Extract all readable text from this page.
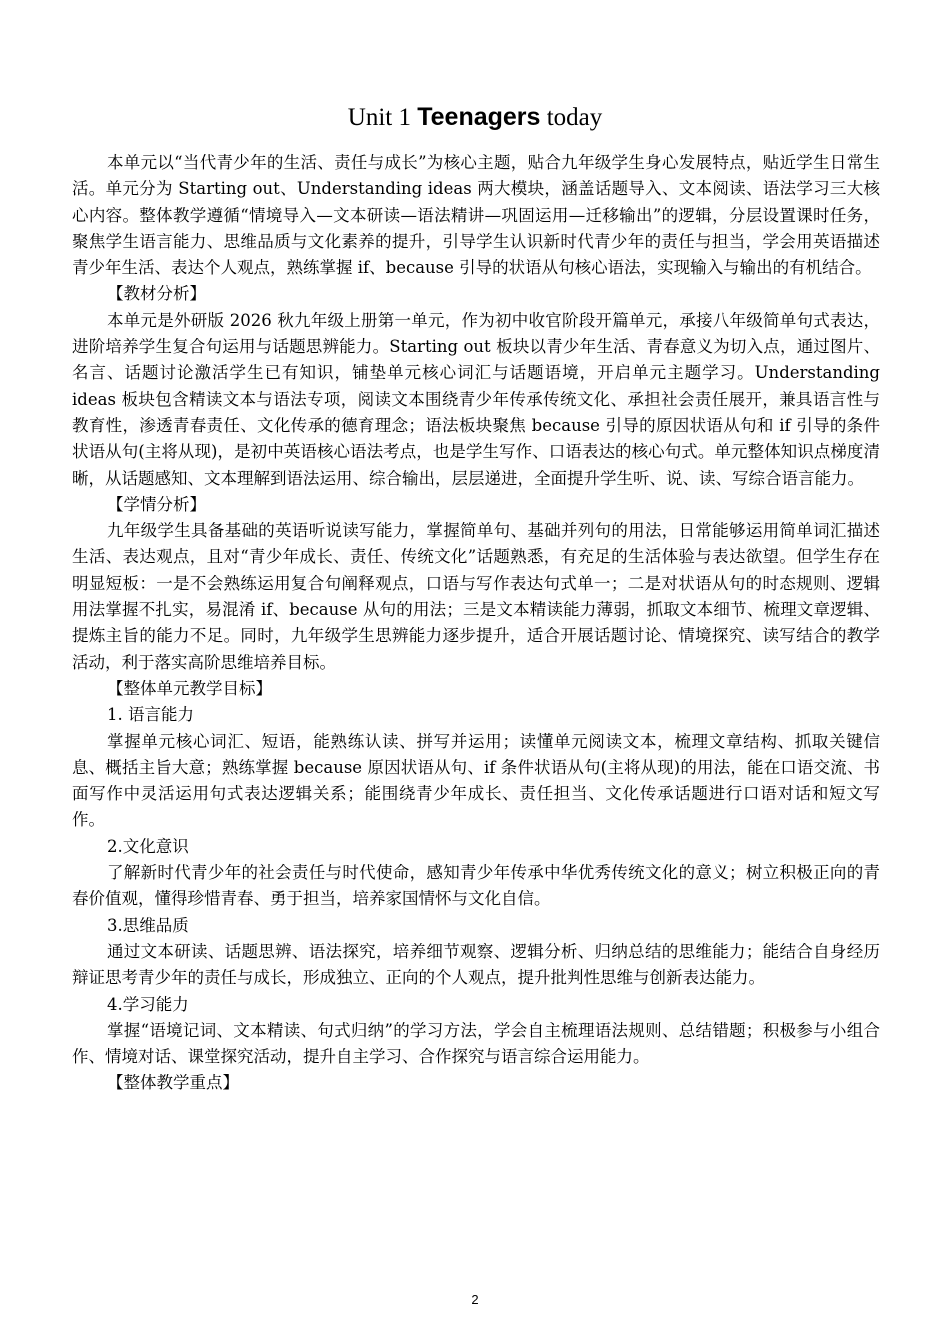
Unit 1 Teenagers today

本单元以“当代青少年的生活、责任与成长”为核心主题，贴合九年级学生身心发展特点，贴近学生日常生活。单元分为 Starting out、Understanding ideas 两大模块，涵盖话题导入、文本阅读、语法学习三大核心内容。整体教学遵循“情境导入—文本研读—语法精讲—巩固运用—迁移输出”的逻辑，分层设置课时任务，聚焦学生语言能力、思维品质与文化素养的提升，引导学生认识新时代青少年的责任与担当，学会用英语描述青少年生活、表达个人观点，熟练掌握 if、because 引导的状语从句核心语法，实现输入与输出的有机结合。

【教材分析】

本单元是外研版 2026 秋九年级上册第一单元，作为初中收官阶段开篇单元，承接八年级简单句式表达，进阶培养学生复合句运用与话题思辨能力。Starting out 板块以青少年生活、青春意义为切入点，通过图片、名言、话题讨论激活学生已有知识，铺垫单元核心词汇与话题语境，开启单元主题学习。Understanding ideas 板块包含精读文本与语法专项，阅读文本围绕青少年传承传统文化、承担社会责任展开，兼具语言性与教育性，渗透青春责任、文化传承的德育理念；语法板块聚焦 because 引导的原因状语从句和 if 引导的条件状语从句(主将从现)，是初中英语核心语法考点，也是学生写作、口语表达的核心句式。单元整体知识点梯度清晰，从话题感知、文本理解到语法运用、综合输出，层层递进，全面提升学生听、说、读、写综合语言能力。

【学情分析】

九年级学生具备基础的英语听说读写能力，掌握简单句、基础并列句的用法，日常能够运用简单词汇描述生活、表达观点，且对“青少年成长、责任、传统文化”话题熟悉，有充足的生活体验与表达欲望。但学生存在明显短板：一是不会熟练运用复合句阐释观点，口语与写作表达句式单一；二是对状语从句的时态规则、逻辑用法掌握不扎实，易混淆 if、because 从句的用法；三是文本精读能力薄弱，抓取文本细节、梳理文章逻辑、提炼主旨的能力不足。同时，九年级学生思辨能力逐步提升，适合开展话题讨论、情境探究、读写结合的教学活动，利于落实高阶思维培养目标。

【整体单元教学目标】

1. 语言能力

掌握单元核心词汇、短语，能熟练认读、拼写并运用；读懂单元阅读文本，梳理文章结构、抓取关键信息、概括主旨大意；熟练掌握 because 原因状语从句、if 条件状语从句(主将从现)的用法，能在口语交流、书面写作中灵活运用句式表达逻辑关系；能围绕青少年成长、责任担当、文化传承话题进行口语对话和短文写作。

2.文化意识

了解新时代青少年的社会责任与时代使命，感知青少年传承中华优秀传统文化的意义；树立积极正向的青春价值观，懂得珍惜青春、勇于担当，培养家国情怀与文化自信。

3.思维品质

通过文本研读、话题思辨、语法探究，培养细节观察、逻辑分析、归纳总结的思维能力；能结合自身经历辩证思考青少年的责任与成长，形成独立、正向的个人观点，提升批判性思维与创新表达能力。

4.学习能力

掌握“语境记词、文本精读、句式归纳”的学习方法，学会自主梳理语法规则、总结错题；积极参与小组合作、情境对话、课堂探究活动，提升自主学习、合作探究与语言综合运用能力。

【整体教学重点】

2
